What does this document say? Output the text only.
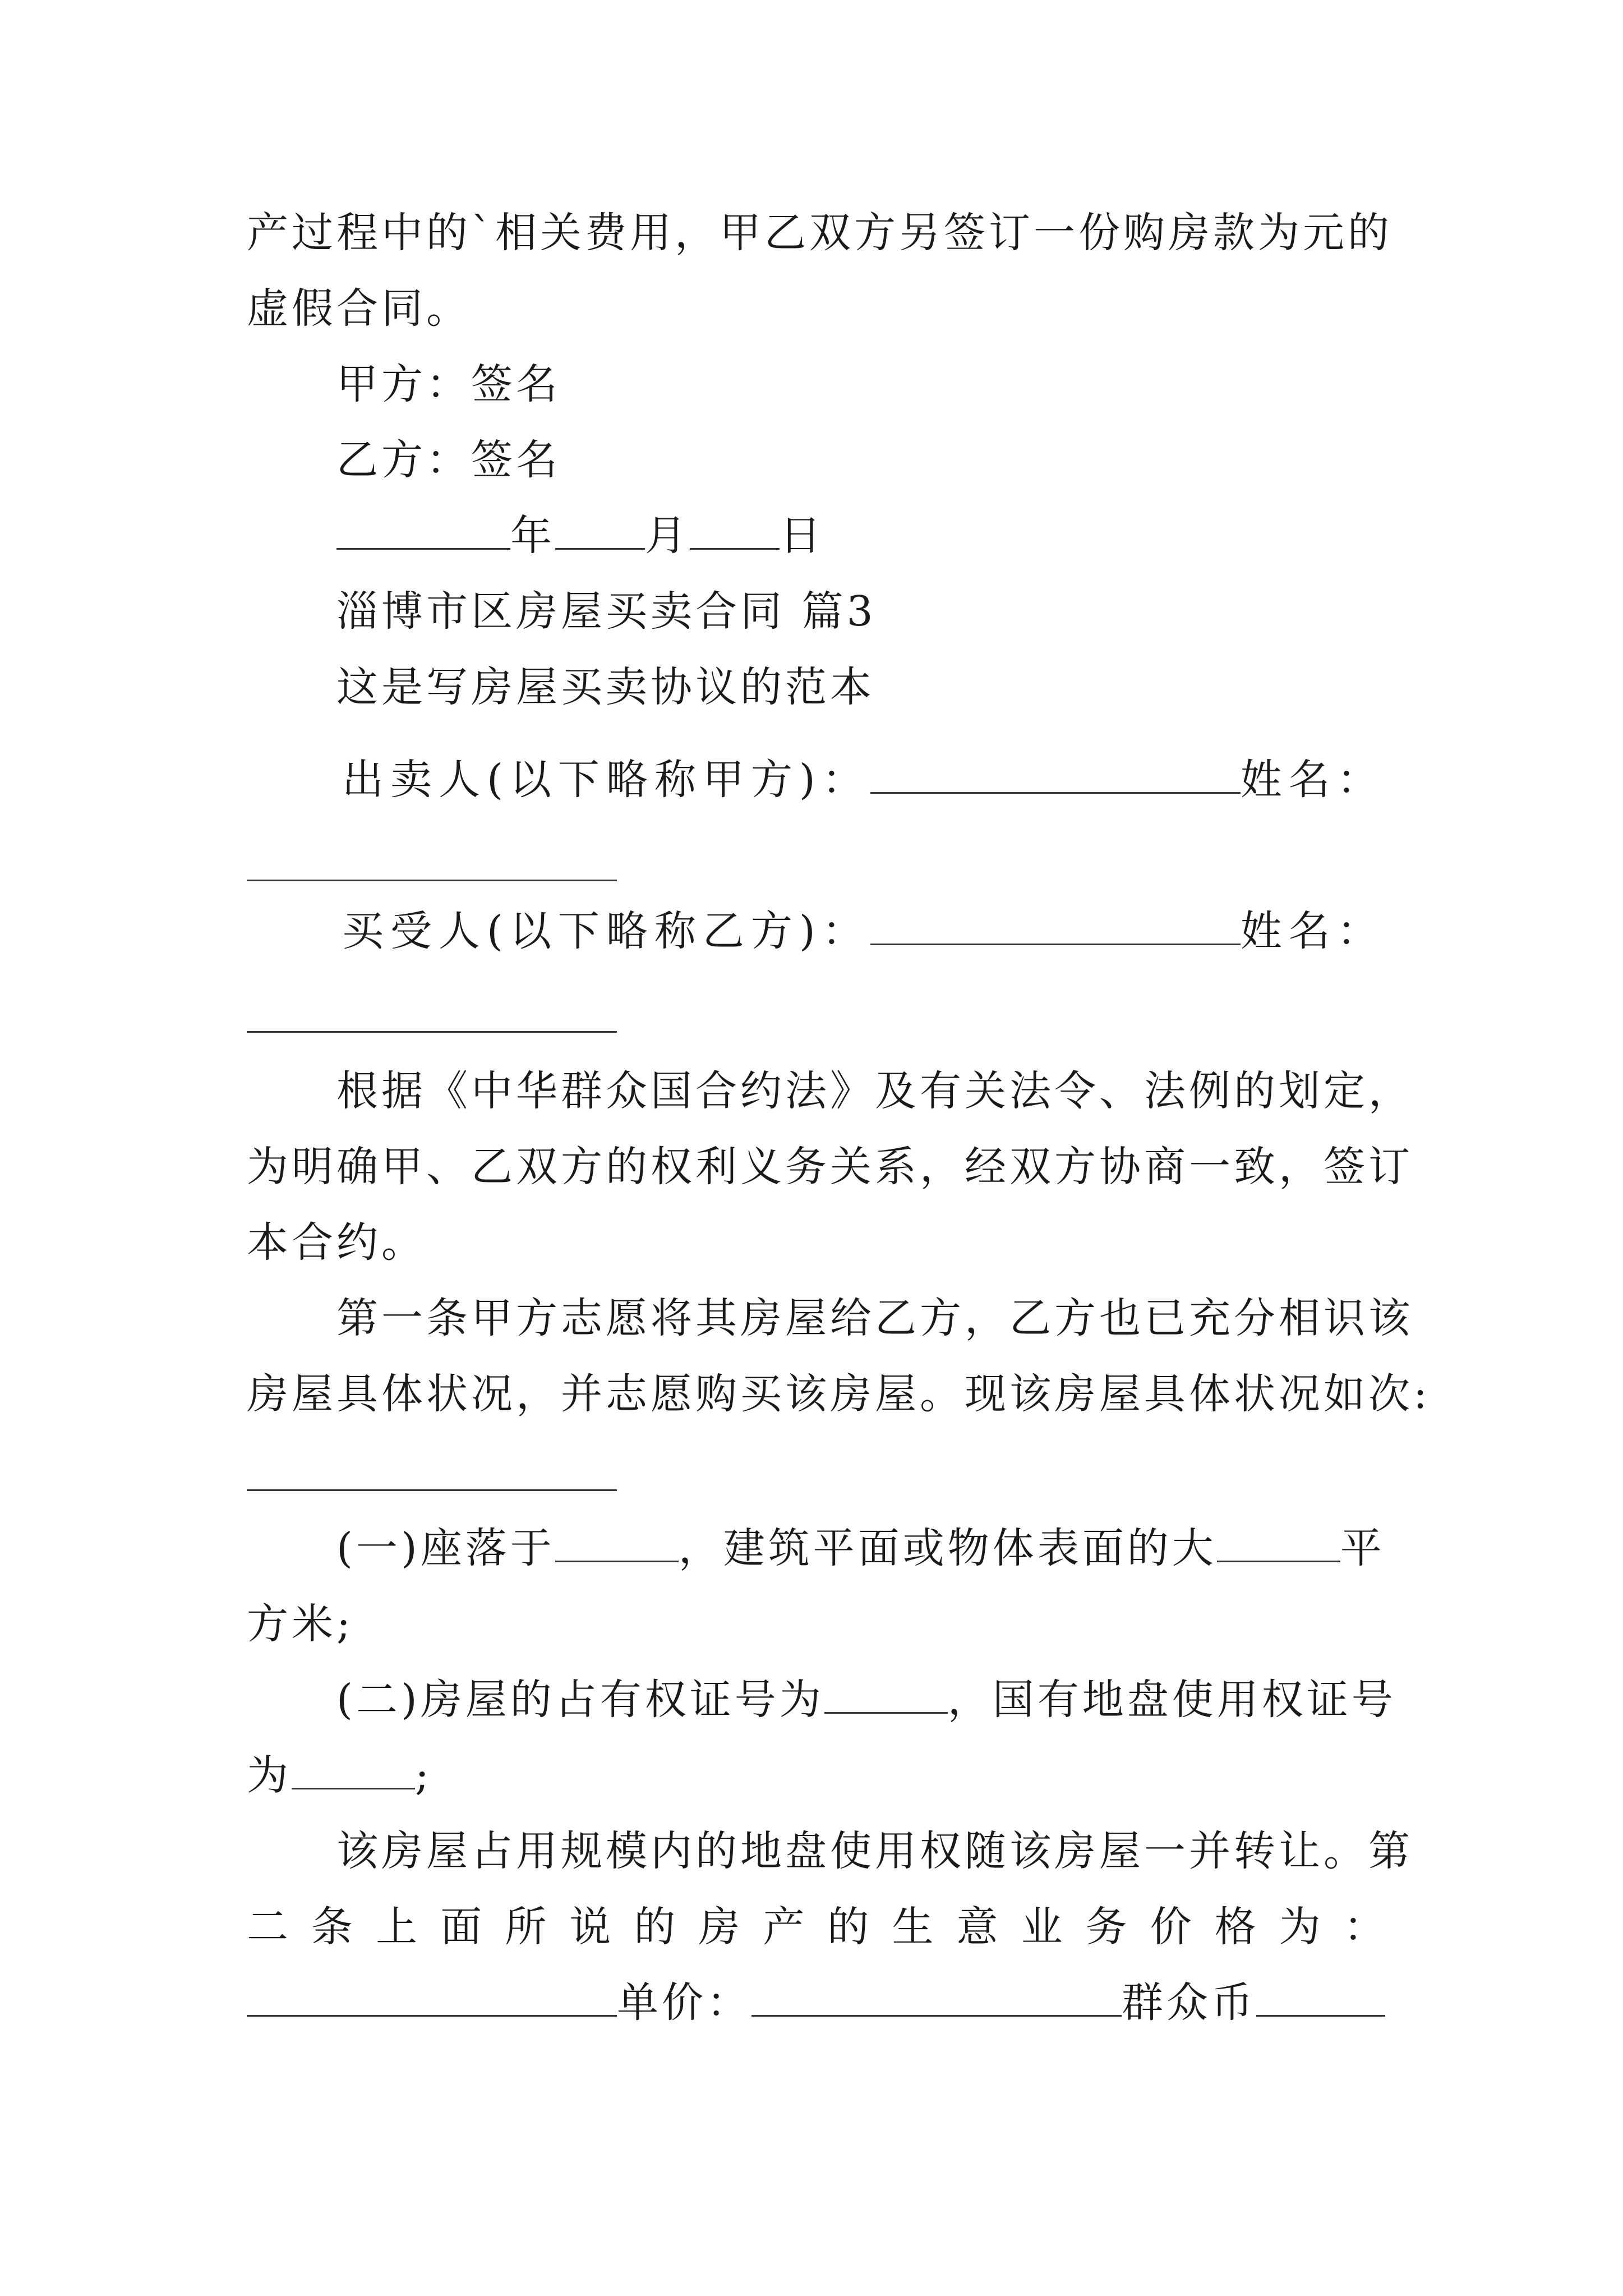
产过程中的`相关费用，甲乙双方另签订一份购房款为元的
虚假合同。
甲方：签名
乙方：签名
年 月 日
淄博市区房屋买卖合同 篇3
这是写房屋买卖协议的范本
出卖人(以下略称甲方)：	姓名：
买受人(以下略称乙方)：	姓名：
根据《中华群众国合约法》及有关法令、法例的划定，
为明确甲、乙双方的权利义务关系，经双方协商一致，签订
本合约。
第一条甲方志愿将其房屋给乙方，乙方也已充分相识该
房屋具体状况，并志愿购买该房屋。现该房屋具体状况如次:
(一)座落于	，建筑平面或物体表面的大	平
方米;
(二)房屋的占有权证号为	，国有地盘使用权证号
为	;
该房屋占用规模内的地盘使用权随该房屋一并转让。第
二 条 上 面 所 说 的 房 产 的 生 意 业 务 价 格 为 ：
单价：	群众币
